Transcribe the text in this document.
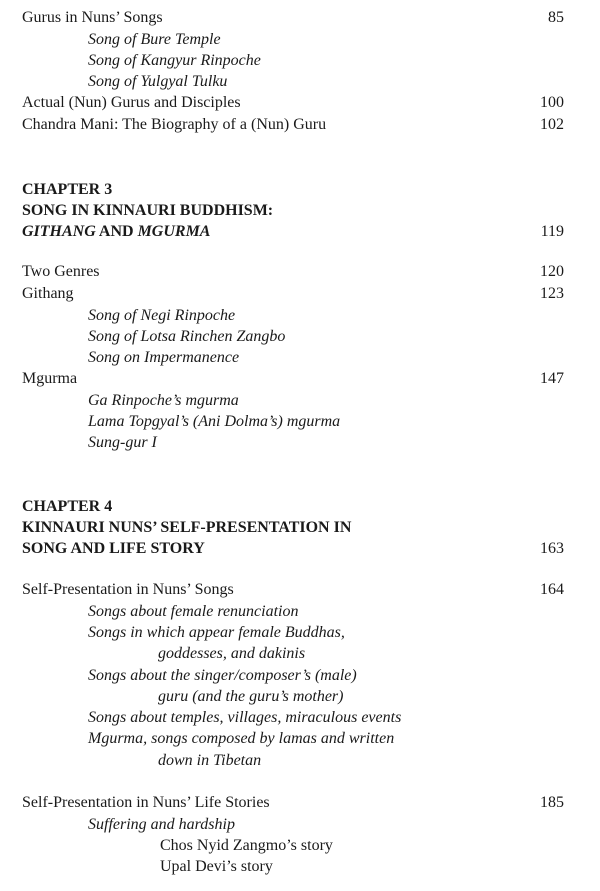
Gurus in Nuns’ Songs	85
Song of Bure Temple
Song of Kangyur Rinpoche
Song of Yulgyal Tulku
Actual (Nun) Gurus and Disciples	100
Chandra Mani: The Biography of a (Nun) Guru	102
CHAPTER 3
SONG IN KINNAURI BUDDHISM:
GITHANG AND MGURMA	119
Two Genres	120
Githang	123
Song of Negi Rinpoche
Song of Lotsa Rinchen Zangbo
Song on Impermanence
Mgurma	147
Ga Rinpoche’s mgurma
Lama Topgyal’s (Ani Dolma’s) mgurma
Sung-gur I
CHAPTER 4
KINNAURI NUNS’ SELF-PRESENTATION IN
SONG AND LIFE STORY	163
Self-Presentation in Nuns’ Songs	164
Songs about female renunciation
Songs in which appear female Buddhas,
goddesses, and dakinis
Songs about the singer/composer’s (male)
guru (and the guru’s mother)
Songs about temples, villages, miraculous events
Mgurma, songs composed by lamas and written
down in Tibetan
Self-Presentation in Nuns’ Life Stories	185
Suffering and hardship
Chos Nyid Zangmo’s story
Upal Devi’s story
